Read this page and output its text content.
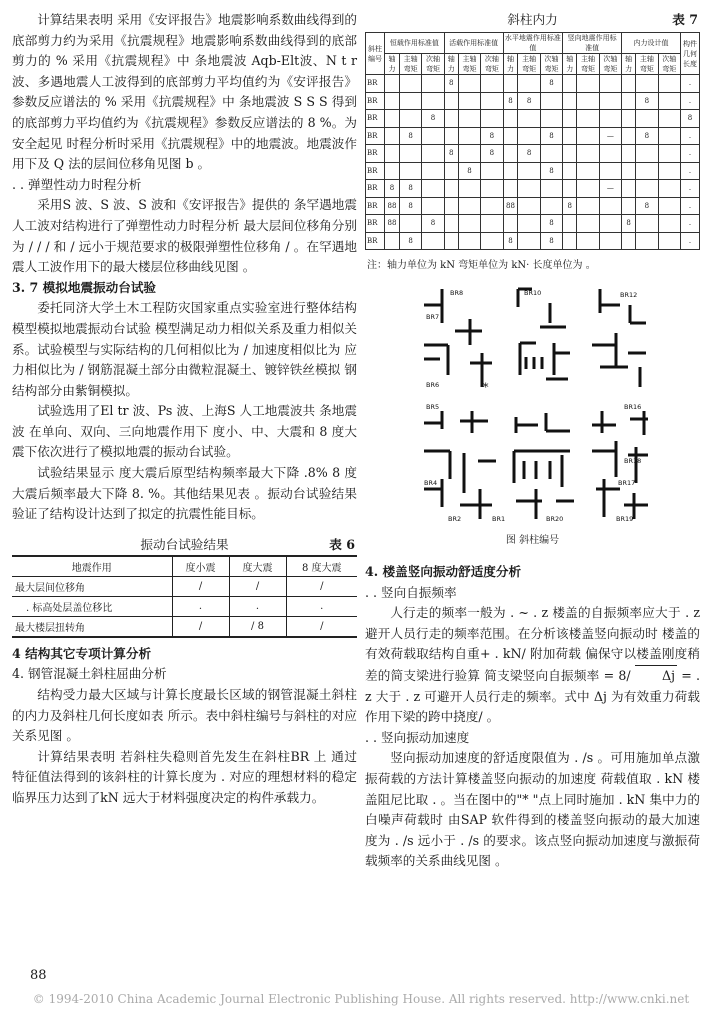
计算结果表明 采用《安评报告》地震影响系数曲线得到的底部剪力约为采用《抗震规程》地震影响系数曲线得到的底部剪力的 % 采用《抗震规程》中 条地震波 Aqb-Elt波、N t r 波、多遇地震人工波得到的底部剪力平均值约为《安评报告》参数反应谱法的 % 采用《抗震规程》中 条地震波 S S S 得到的底部剪力平均值约为《抗震规程》参数反应谱法的 8 %。为安全起见 时程分析时采用《抗震规程》中的地震波。地震波作用下及 Q 法的层间位移角见图 b 。

. . 弹塑性动力时程分析

采用S 波、S 波、S 波和《安评报告》提供的 条罕遇地震人工波对结构进行了弹塑性动力时程分析 最大层间位移角分别为 / / / 和 / 远小于规范要求的极限弹塑性位移角 / 。在罕遇地震人工波作用下的最大楼层位移曲线见图 。

3. 7 模拟地震振动台试验

委托同济大学土木工程防灾国家重点实验室进行整体结构模型模拟地震振动台试验 模型满足动力相似关系及重力相似关系。试验模型与实际结构的几何相似比为 / 加速度相似比为 应力相似比为 / 钢筋混凝土部分由微粒混凝土、镀锌铁丝模拟 钢结构部分由紫铜模拟。

试验选用了El tr 波、Ps 波、上海S 人工地震波共 条地震波 在单向、双向、三向地震作用下 度小、中、大震和 8 度大震下依次进行了模拟地震的振动台试验。

试验结果显示 度大震后原型结构频率最大下降 .8% 8 度大震后频率最大下降 8. %。其他结果见表 。振动台试验结果验证了结构设计达到了拟定的抗震性能目标。

振动台试验结果	表 6
地震作用	度小震	度大震	8 度大震
最大层间位移角	/	/	/
. 标高处层盖位移比	.	.	.
最大楼层扭转角	/	/ 8	/
4 结构其它专项计算分析
4. 钢管混凝土斜柱屈曲分析

结构受力最大区域与计算长度最长区域的钢管混凝土斜柱的内力及斜柱几何长度如表 所示。表中斜柱编号与斜柱的对应关系见图 。

计算结果表明 若斜柱失稳则首先发生在斜柱BR 上 通过特征值法得到的该斜柱的计算长度为 . 对应的理想材料的稳定临界压力达到了kN 远大于材料强度决定的构件承载力。

斜柱内力	表 7
斜柱编号	恒载作用标准值			活载作用标准值			水平地震作用标准值			竖向地震作用标准值			内力设计值			构件几何长度
	轴力	主轴弯矩	次轴弯矩	轴力	主轴弯矩	次轴弯矩	轴力	主轴弯矩	次轴弯矩	轴力	主轴弯矩	次轴弯矩	轴力	主轴弯矩	次轴弯矩	
BR				8					8							.
BR							8	8						8		.
BR			8													8
BR		8				8			8			—		8		.
BR				8		8		8								.
BR					8				8							.
BR	8	8										—				.
BR	88	8					88			8				8		.
BR	88		8						8				8			.
BR		8					8		8							.
注：轴力单位为 kN 弯矩单位为 kN· 长度单位为 。
*
BR8	BR10	BR12
BR7
BR6
BR5	BR16
BR4
BR2	BR1	BR20
BR18
BR17
BR19
图 斜柱编号
4. 楼盖竖向振动舒适度分析
. . 竖向自振频率

人行走的频率一般为 . ~ . z 楼盖的自振频率应大于 . z 避开人员行走的频率范围。在分析该楼盖竖向振动时 楼盖的有效荷载取结构自重+ . kN/ 附加荷载 偏保守以楼盖刚度稍差的简支梁进行验算 简支梁竖向自振频率 = 8/ Δj = . z 大于 . z 可避开人员行走的频率。式中 Δj 为有效重力荷载作用下梁的跨中挠度/ 。

. . 竖向振动加速度

竖向振动加速度的舒适度限值为 . /s 。可用施加单点激振荷载的方法计算楼盖竖向振动的加速度 荷载值取 . kN 楼盖阻尼比取 . 。当在图中的"* "点上同时施加 . kN 集中力的白噪声荷载时 由SAP 软件得到的楼盖竖向振动的最大加速度为 . /s 远小于 . /s 的要求。该点竖向振动加速度与激振荷载频率的关系曲线见图 。

88
© 1994-2010 China Academic Journal Electronic Publishing House. All rights reserved. http://www.cnki.net
